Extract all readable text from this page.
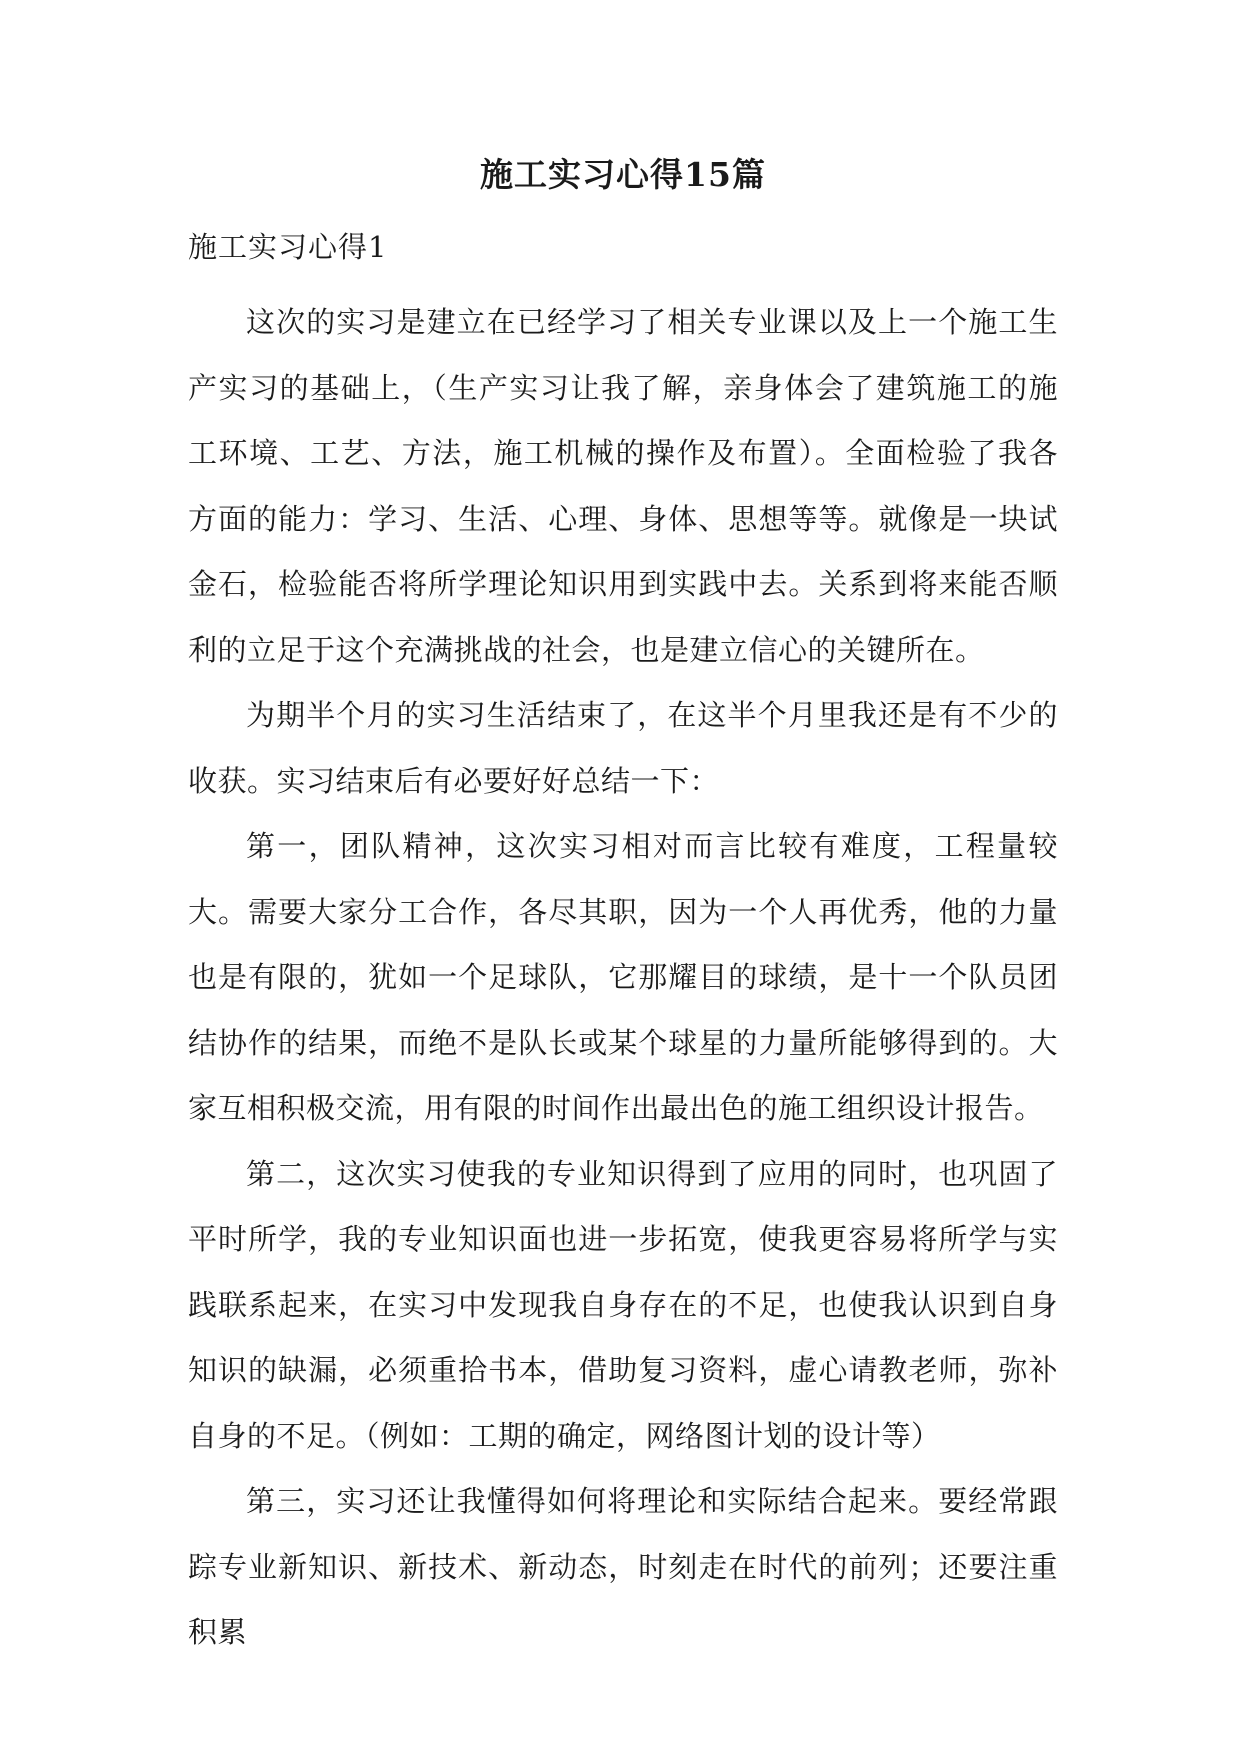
施工实习心得15篇
施工实习心得1

这次的实习是建立在已经学习了相关专业课以及上一个施工生产实习的基础上，（生产实习让我了解，亲身体会了建筑施工的施工环境、工艺、方法，施工机械的操作及布置）。全面检验了我各方面的能力：学习、生活、心理、身体、思想等等。就像是一块试金石，检验能否将所学理论知识用到实践中去。关系到将来能否顺利的立足于这个充满挑战的社会，也是建立信心的关键所在。

为期半个月的实习生活结束了，在这半个月里我还是有不少的收获。实习结束后有必要好好总结一下：

第一，团队精神，这次实习相对而言比较有难度，工程量较大。需要大家分工合作，各尽其职，因为一个人再优秀，他的力量也是有限的，犹如一个足球队，它那耀目的球绩，是十一个队员团结协作的结果，而绝不是队长或某个球星的力量所能够得到的。大家互相积极交流，用有限的时间作出最出色的施工组织设计报告。

第二，这次实习使我的专业知识得到了应用的同时，也巩固了平时所学，我的专业知识面也进一步拓宽，使我更容易将所学与实践联系起来，在实习中发现我自身存在的不足，也使我认识到自身知识的缺漏，必须重拾书本，借助复习资料，虚心请教老师，弥补自身的不足。（例如：工期的确定，网络图计划的设计等）

第三，实习还让我懂得如何将理论和实际结合起来。要经常跟踪专业新知识、新技术、新动态，时刻走在时代的前列；还要注重积累
